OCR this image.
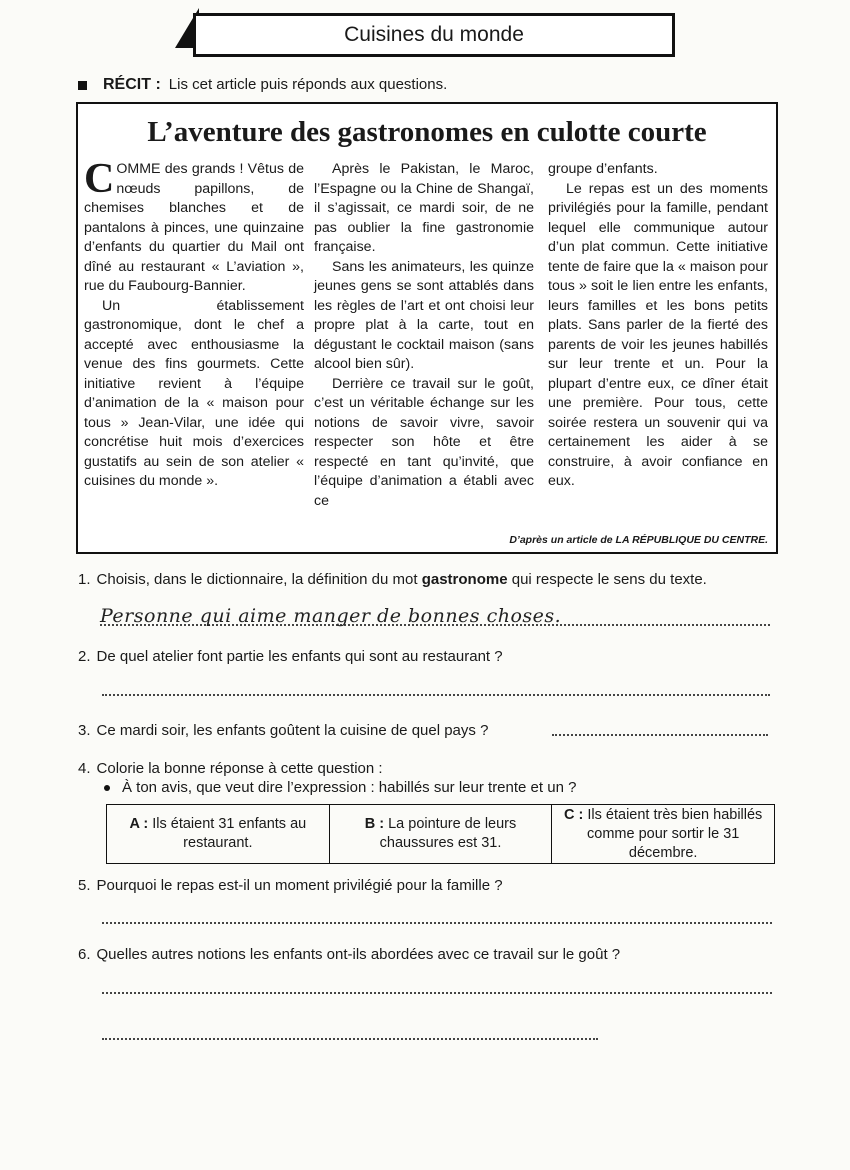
Cuisines du monde
RÉCIT : Lis cet article puis réponds aux questions.
L’aventure des gastronomes en culotte courte

COMME des grands ! Vêtus de nœuds papillons, de chemises blanches et de pantalons à pinces, une quinzaine d’enfants du quartier du Mail ont dîné au restaurant « L’aviation », rue du Faubourg-Bannier.

Un établissement gastronomique, dont le chef a accepté avec enthousiasme la venue des fins gourmets. Cette initiative revient à l’équipe d’animation de la « maison pour tous » Jean-Vilar, une idée qui concrétise huit mois d’exercices gustatifs au sein de son atelier « cuisines du monde ».

Après le Pakistan, le Maroc, l’Espagne ou la Chine de Shangaï, il s’agissait, ce mardi soir, de ne pas oublier la fine gastronomie française.

Sans les animateurs, les quinze jeunes gens se sont attablés dans les règles de l’art et ont choisi leur propre plat à la carte, tout en dégustant le cocktail maison (sans alcool bien sûr).

Derrière ce travail sur le goût, c’est un véritable échange sur les notions de savoir vivre, savoir respecter son hôte et être respecté en tant qu’invité, que l’équipe d’animation a établi avec ce

groupe d’enfants.

Le repas est un des moments privilégiés pour la famille, pendant lequel elle communique autour d’un plat commun. Cette initiative tente de faire que la « maison pour tous » soit le lien entre les enfants, leurs familles et les bons petits plats. Sans parler de la fierté des parents de voir les jeunes habillés sur leur trente et un. Pour la plupart d’entre eux, ce dîner était une première. Pour tous, cette soirée restera un souvenir qui va certainement les aider à se construire, à avoir confiance en eux.

D’après un article de LA RÉPUBLIQUE DU CENTRE.
1. Choisis, dans le dictionnaire, la définition du mot gastronome qui respecte le sens du texte.
Personne qui aime manger de bonnes choses.
2. De quel atelier font partie les enfants qui sont au restaurant ?
3. Ce mardi soir, les enfants goûtent la cuisine de quel pays ?
4. Colorie la bonne réponse à cette question :
À ton avis, que veut dire l’expression : habillés sur leur trente et un ?
A : Ils étaient 31 enfants au restaurant.
B : La pointure de leurs chaussures est 31.
C : Ils étaient très bien habillés comme pour sortir le 31 décembre.
5. Pourquoi le repas est-il un moment privilégié pour la famille ?
6. Quelles autres notions les enfants ont-ils abordées avec ce travail sur le goût ?
